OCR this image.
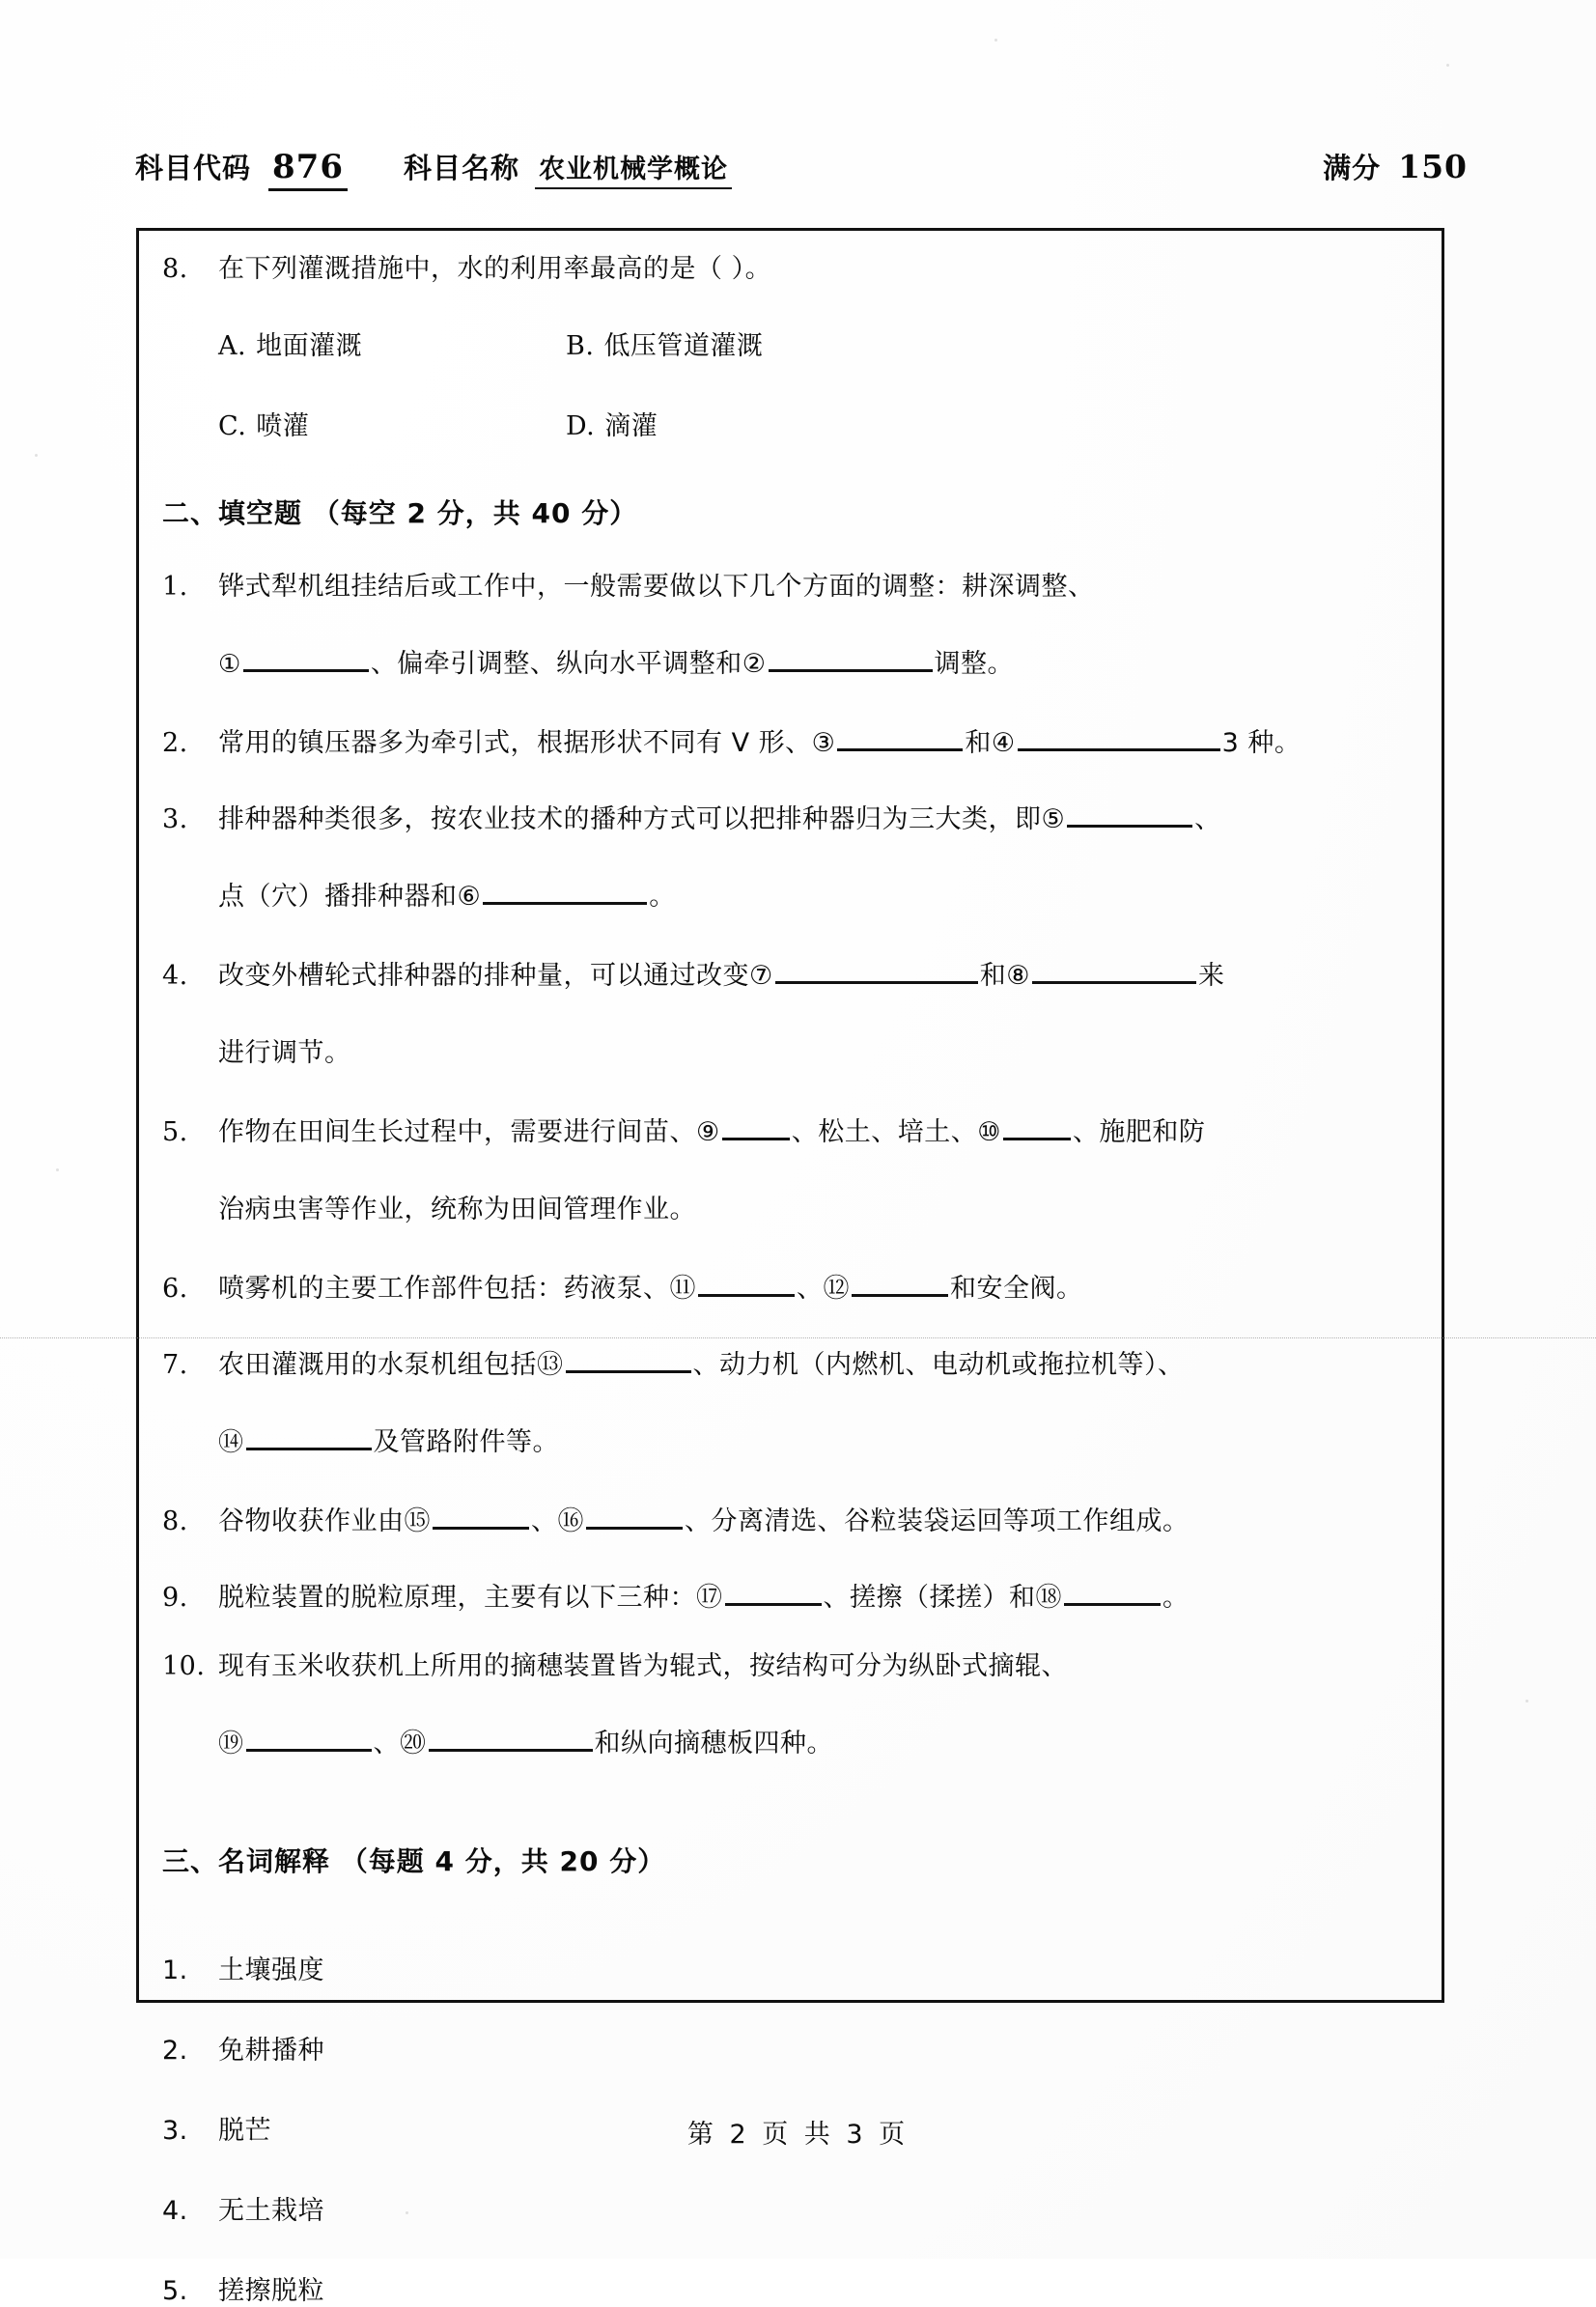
科目代码 876 科目名称 农业机械学概论	满分 150
8.	在下列灌溉措施中，水的利用率最高的是（ ）。
A. 地面灌溉	B. 低压管道灌溉
C. 喷灌	D. 滴灌
二、填空题 （每空 2 分，共 40 分）
1.	铧式犁机组挂结后或工作中，一般需要做以下几个方面的调整：耕深调整、
①	、偏牵引调整、纵向水平调整和②	调整。
2.	常用的镇压器多为牵引式，根据形状不同有 V 形、③	和④	3 种。
3.	排种器种类很多，按农业技术的播种方式可以把排种器归为三大类，即⑤	、
点（穴）播排种器和⑥	。
4.	改变外槽轮式排种器的排种量，可以通过改变⑦	和⑧	来
进行调节。
5.	作物在田间生长过程中，需要进行间苗、⑨	、松土、培土、⑩	、施肥和防
治病虫害等作业，统称为田间管理作业。
6.	喷雾机的主要工作部件包括：药液泵、⑪	、⑫	和安全阀。
7.	农田灌溉用的水泵机组包括⑬	、动力机（内燃机、电动机或拖拉机等）、
⑭	及管路附件等。
8.	谷物收获作业由⑮	、⑯	、分离清选、谷粒装袋运回等项工作组成。
9.	脱粒装置的脱粒原理，主要有以下三种：⑰	、搓擦（揉搓）和⑱	。
10. 现有玉米收获机上所用的摘穗装置皆为辊式，按结构可分为纵卧式摘辊、
⑲	、⑳	和纵向摘穗板四种。
三、名词解释 （每题 4 分，共 20 分）
1.	土壤强度
2.	免耕播种
3.	脱芒
4.	无土栽培
5.	搓擦脱粒
第 2 页 共 3 页
